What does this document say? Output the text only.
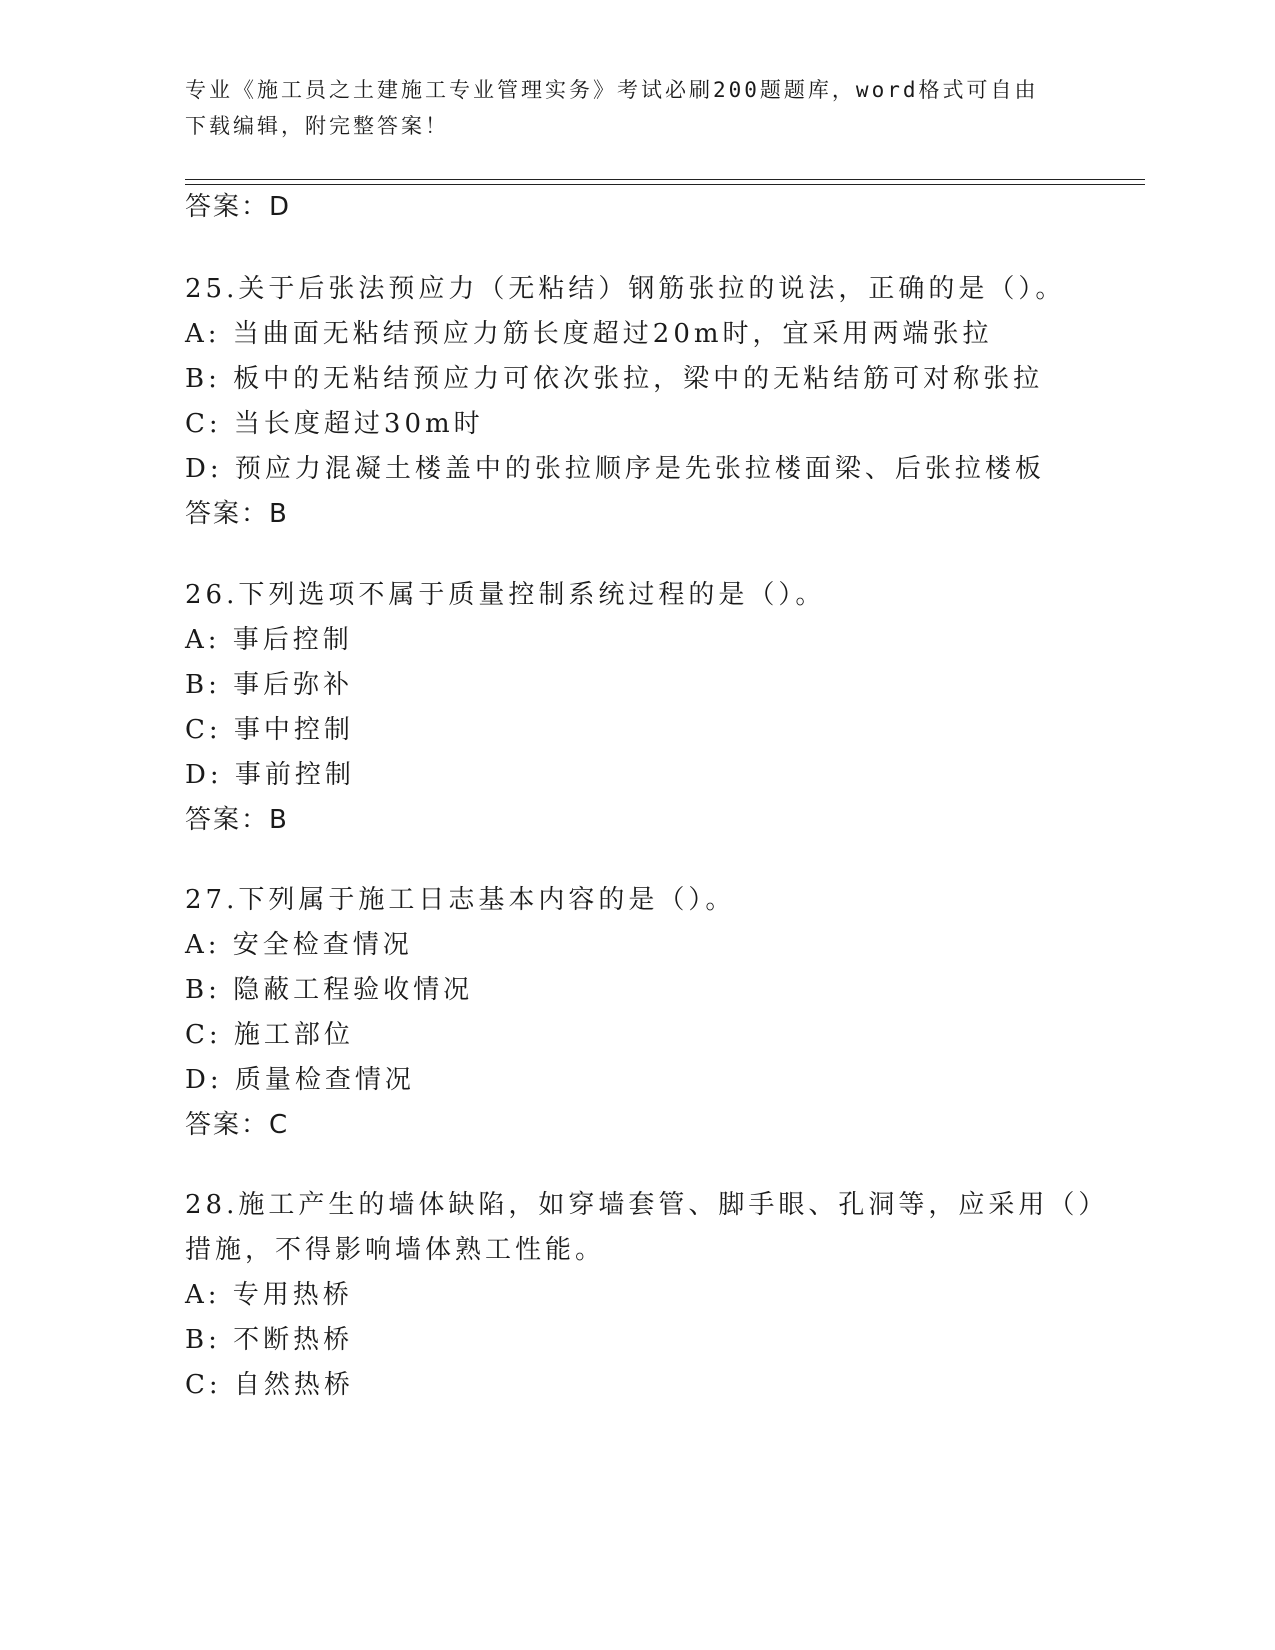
专业《施工员之土建施工专业管理实务》考试必刷200题题库，word格式可自由
下载编辑，附完整答案！
答案：D
25.关于后张法预应力（无粘结）钢筋张拉的说法，正确的是（）。
A: 当曲面无粘结预应力筋长度超过20m时，宜采用两端张拉
B: 板中的无粘结预应力可依次张拉，梁中的无粘结筋可对称张拉
C: 当长度超过30m时
D: 预应力混凝土楼盖中的张拉顺序是先张拉楼面梁、后张拉楼板
答案：B
26.下列选项不属于质量控制系统过程的是（）。
A: 事后控制
B: 事后弥补
C: 事中控制
D: 事前控制
答案：B
27.下列属于施工日志基本内容的是（）。
A: 安全检查情况
B: 隐蔽工程验收情况
C: 施工部位
D: 质量检查情况
答案：C
28.施工产生的墙体缺陷，如穿墙套管、脚手眼、孔洞等，应采用（）
措施，不得影响墙体熟工性能。
A: 专用热桥
B: 不断热桥
C: 自然热桥
